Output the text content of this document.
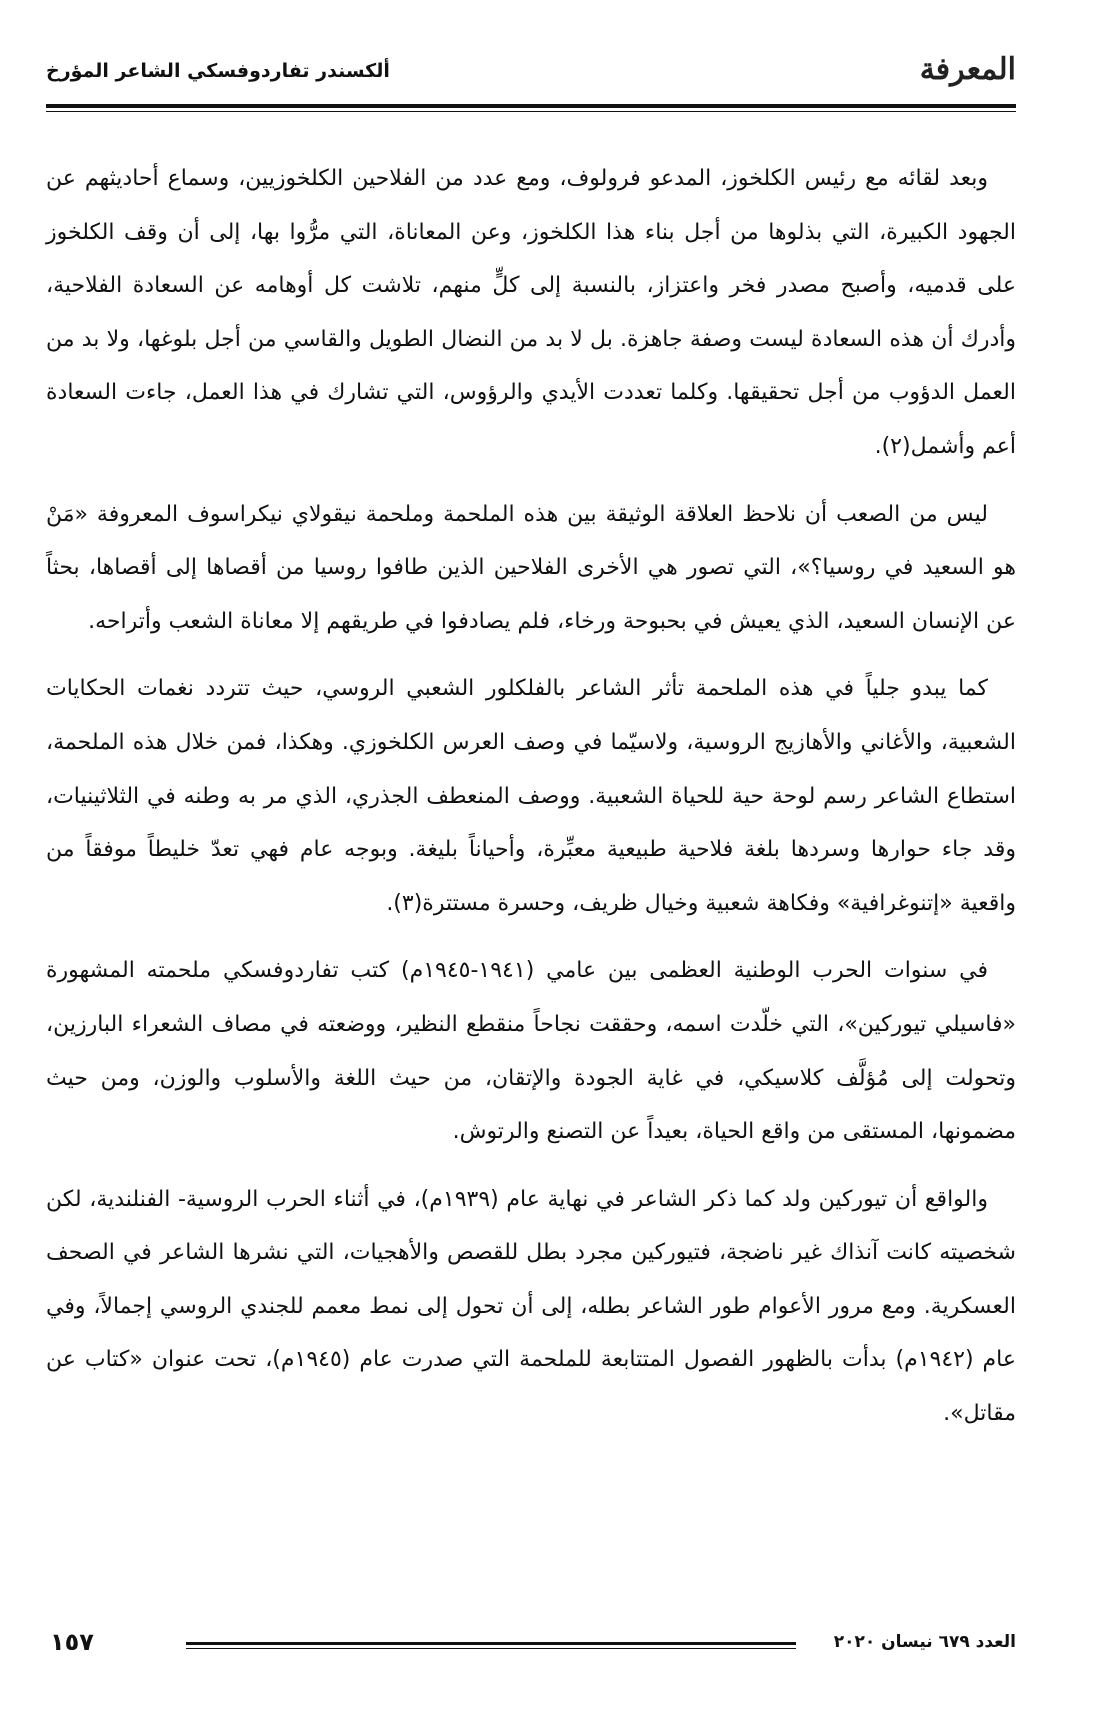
المعرفة
ألكسندر تفاردوفسكي الشاعر المؤرخ

وبعد لقائه مع رئيس الكلخوز، المدعو فرولوف، ومع عدد من الفلاحين الكلخوزيين، وسماع أحاديثهم عن الجهود الكبيرة، التي بذلوها من أجل بناء هذا الكلخوز، وعن المعاناة، التي مرُّوا بها، إلى أن وقف الكلخوز على قدميه، وأصبح مصدر فخر واعتزاز، بالنسبة إلى كلٍّ منهم، تلاشت كل أوهامه عن السعادة الفلاحية، وأدرك أن هذه السعادة ليست وصفة جاهزة. بل لا بد من النضال الطويل والقاسي من أجل بلوغها، ولا بد من العمل الدؤوب من أجل تحقيقها. وكلما تعددت الأيدي والرؤوس، التي تشارك في هذا العمل، جاءت السعادة أعم وأشمل(٢).

ليس من الصعب أن نلاحظ العلاقة الوثيقة بين هذه الملحمة وملحمة نيقولاي نيكراسوف المعروفة «مَنْ هو السعيد في روسيا؟»، التي تصور هي الأخرى الفلاحين الذين طافوا روسيا من أقصاها إلى أقصاها، بحثاً عن الإنسان السعيد، الذي يعيش في بحبوحة ورخاء، فلم يصادفوا في طريقهم إلا معاناة الشعب وأتراحه.

كما يبدو جلياً في هذه الملحمة تأثر الشاعر بالفلكلور الشعبي الروسي، حيث تتردد نغمات الحكايات الشعبية، والأغاني والأهازيج الروسية، ولاسيّما في وصف العرس الكلخوزي. وهكذا، فمن خلال هذه الملحمة، استطاع الشاعر رسم لوحة حية للحياة الشعبية. ووصف المنعطف الجذري، الذي مر به وطنه في الثلاثينيات، وقد جاء حوارها وسردها بلغة فلاحية طبيعية معبِّرة، وأحياناً بليغة. وبوجه عام فهي تعدّ خليطاً موفقاً من واقعية «إتنوغرافية» وفكاهة شعبية وخيال ظريف، وحسرة مستترة(٣).

في سنوات الحرب الوطنية العظمى بين عامي (١٩٤١-١٩٤٥م) كتب تفاردوفسكي ملحمته المشهورة «فاسيلي تيوركين»، التي خلّدت اسمه، وحققت نجاحاً منقطع النظير، ووضعته في مصاف الشعراء البارزين، وتحولت إلى مُؤلَّف كلاسيكي، في غاية الجودة والإتقان، من حيث اللغة والأسلوب والوزن، ومن حيث مضمونها، المستقى من واقع الحياة، بعيداً عن التصنع والرتوش.

والواقع أن تيوركين ولد كما ذكر الشاعر في نهاية عام (١٩٣٩م)، في أثناء الحرب الروسية- الفنلندية، لكن شخصيته كانت آنذاك غير ناضجة، فتيوركين مجرد بطل للقصص والأهجيات، التي نشرها الشاعر في الصحف العسكرية. ومع مرور الأعوام طور الشاعر بطله، إلى أن تحول إلى نمط معمم للجندي الروسي إجمالاً، وفي عام (١٩٤٢م) بدأت بالظهور الفصول المتتابعة للملحمة التي صدرت عام (١٩٤٥م)، تحت عنوان «كتاب عن مقاتل».

١٥٧	العدد ٦٧٩ نيسان ٢٠٢٠
